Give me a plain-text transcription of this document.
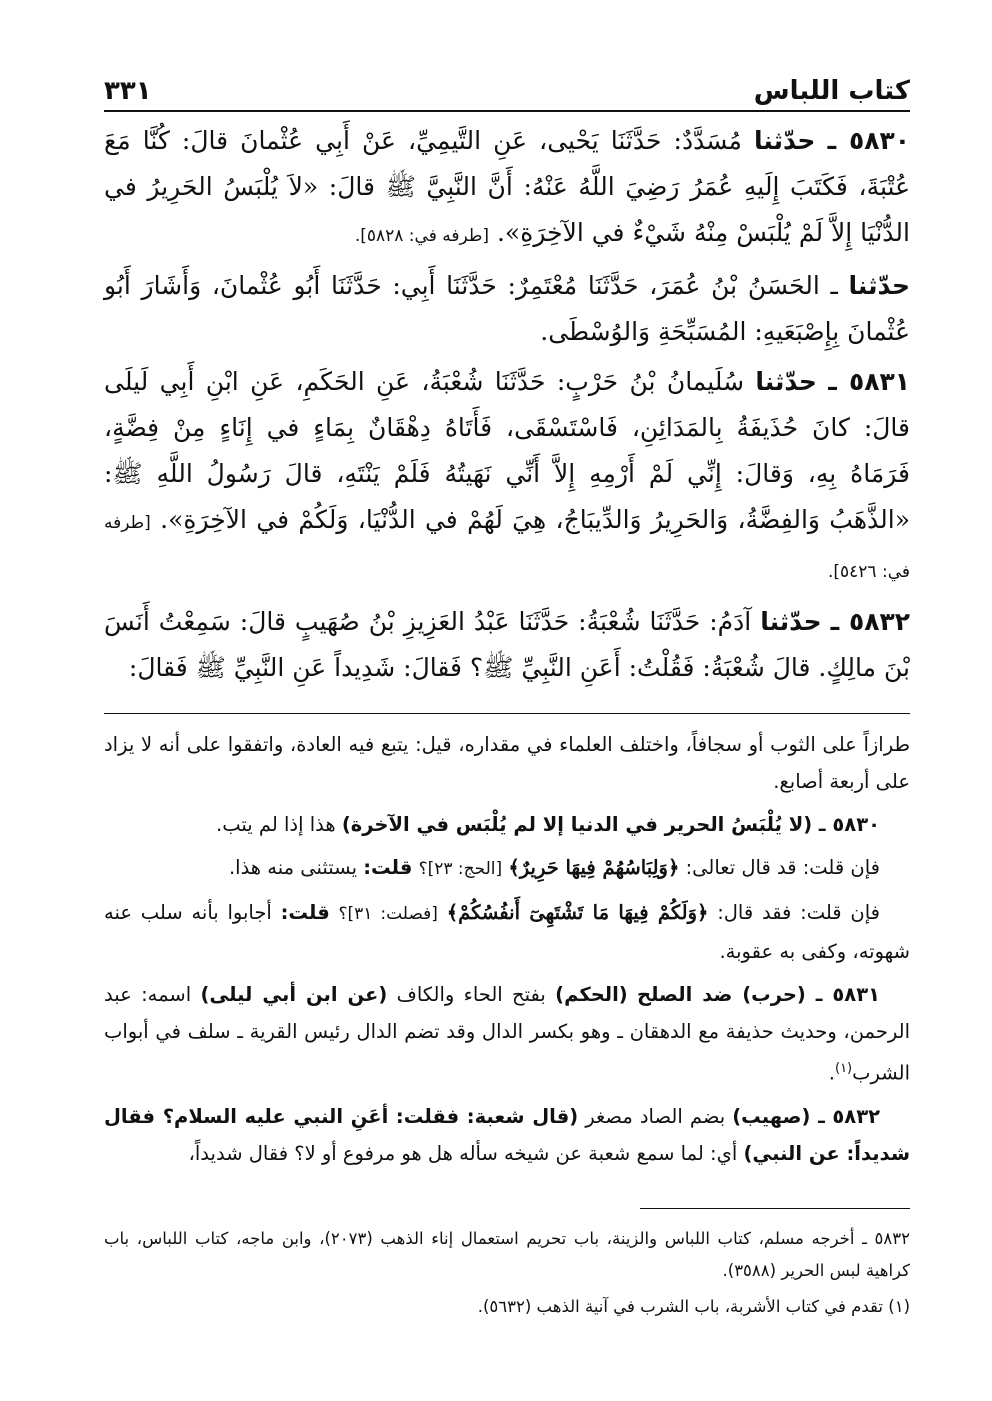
كتاب اللباس
٣٣١

٥٨٣٠ ـ حدّثنا مُسَدَّدٌ: حَدَّثَنَا يَحْيى، عَنِ التَّيمِيِّ، عَنْ أَبِي عُثْمانَ قالَ: كُنَّا مَعَ عُتْبَةَ، فَكَتَبَ إِلَيهِ عُمَرُ رَضِيَ اللَّهُ عَنْهُ: أَنَّ النَّبِيَّ ﷺ قالَ: «لاَ يُلْبَسُ الحَرِيرُ في الدُّنْيَا إِلاَّ لَمْ يُلْبَسْ مِنْهُ شَيْءٌ في الآخِرَةِ». [طرفه في: ٥٨٢٨].

حدّثنا ـ الحَسَنُ بْنُ عُمَرَ، حَدَّثَنَا مُعْتَمِرٌ: حَدَّثَنَا أَبِي: حَدَّثَنَا أَبُو عُثْمانَ، وَأَشَارَ أَبُو عُثْمانَ بِإِصْبَعَيهِ: المُسَبِّحَةِ وَالوُسْطَى.

٥٨٣١ ـ حدّثنا سُلَيمانُ بْنُ حَرْبٍ: حَدَّثَنَا شُعْبَةُ، عَنِ الحَكَمِ، عَنِ ابْنِ أَبِي لَيلَى قالَ: كانَ حُذَيفَةُ بِالمَدَائِنِ، فَاسْتَسْقَى، فَأَتَاهُ دِهْقَانٌ بِمَاءٍ في إِنَاءٍ مِنْ فِضَّةٍ، فَرَمَاهُ بِهِ، وَقالَ: إِنِّي لَمْ أَرْمِهِ إِلاَّ أَنِّي نَهَيتُهُ فَلَمْ يَنْتَهِ، قالَ رَسُولُ اللَّهِ ﷺ: «الذَّهَبُ وَالفِضَّةُ، وَالحَرِيرُ وَالدِّيبَاجُ، هِيَ لَهُمْ في الدُّنْيَا، وَلَكُمْ في الآخِرَةِ». [طرفه في: ٥٤٢٦].

٥٨٣٢ ـ حدّثنا آدَمُ: حَدَّثَنَا شُعْبَةُ: حَدَّثَنَا عَبْدُ العَزِيزِ بْنُ صُهَيبٍ قالَ: سَمِعْتُ أَنَسَ بْنَ مالِكٍ. قالَ شُعْبَةُ: فَقُلْتُ: أَعَنِ النَّبِيِّ ﷺ؟ فَقالَ: شَدِيداً عَنِ النَّبِيِّ ﷺ فَقالَ:

طرازاً على الثوب أو سجافاً، واختلف العلماء في مقداره، قيل: يتبع فيه العادة، واتفقوا على أنه لا يزاد على أربعة أصابع.

٥٨٣٠ ـ (لا يُلْبَسُ الحرير في الدنيا إلا لم يُلْبَس في الآخرة) هذا إذا لم يتب.

فإن قلت: قد قال تعالى: ﴿وَلِبَاسُهُمْ فِيهَا حَرِيرٌ﴾ [الحج: ٢٣]؟ قلت: يستثنى منه هذا.

فإن قلت: فقد قال: ﴿وَلَكُمْ فِيهَا مَا تَشْتَهِىٓ أَنفُسُكُمْ﴾ [فصلت: ٣١]؟ قلت: أجابوا بأنه سلب عنه شهوته، وكفى به عقوبة.

٥٨٣١ ـ (حرب) ضد الصلح (الحكم) بفتح الحاء والكاف (عن ابن أبي ليلى) اسمه: عبد الرحمن، وحديث حذيفة مع الدهقان ـ وهو بكسر الدال وقد تضم الدال رئيس القرية ـ سلف في أبواب الشرب$^{(١)}$.

٥٨٣٢ ـ (صهيب) بضم الصاد مصغر (قال شعبة: فقلت: أعَنِ النبي عليه السلام؟ فقال شديداً: عن النبي) أي: لما سمع شعبة عن شيخه سأله هل هو مرفوع أو لا؟ فقال شديداً،

٥٨٣٢ ـ أخرجه مسلم، كتاب اللباس والزينة، باب تحريم استعمال إناء الذهب (٢٠٧٣)، وابن ماجه، كتاب اللباس، باب كراهية لبس الحرير (٣٥٨٨).

(١) تقدم في كتاب الأشربة، باب الشرب في آنية الذهب (٥٦٣٢).
